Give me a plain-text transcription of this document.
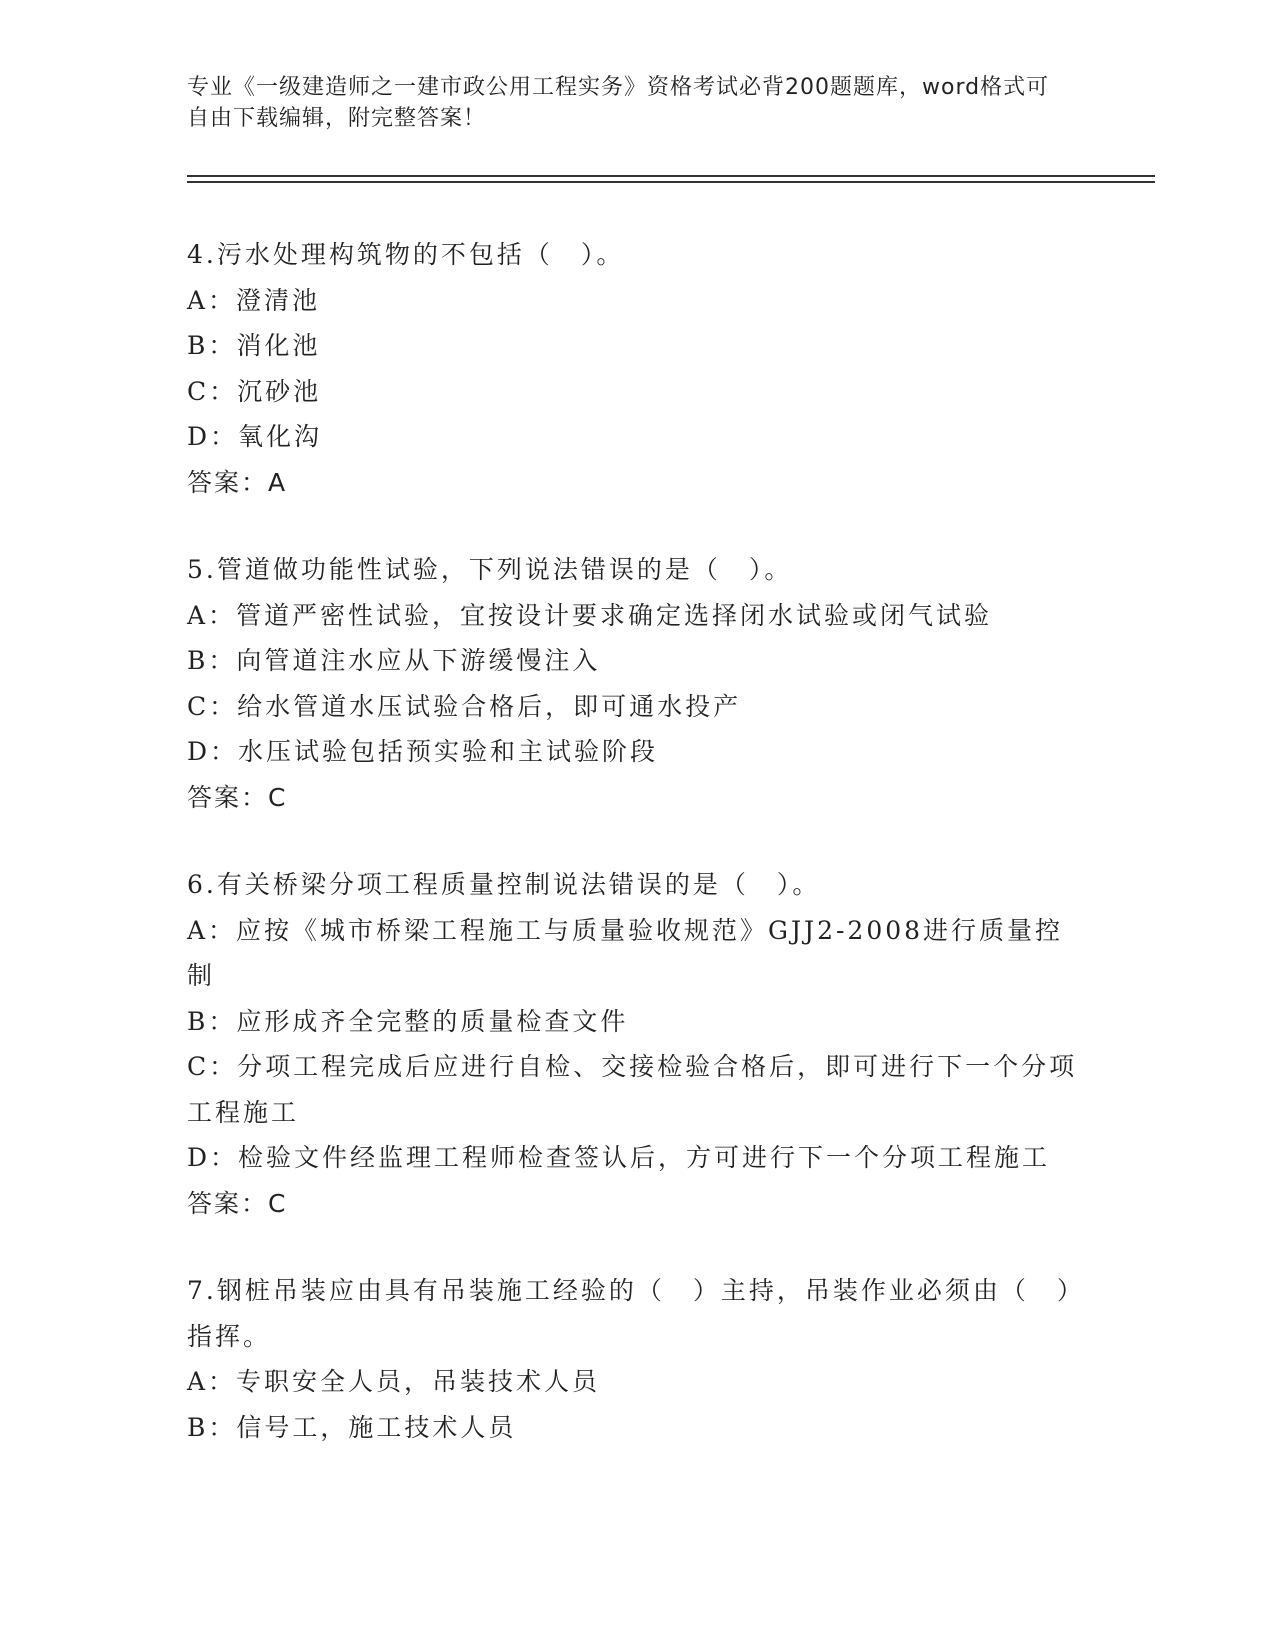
专业《一级建造师之一建市政公用工程实务》资格考试必背200题题库，word格式可自由下载编辑，附完整答案！

4.污水处理构筑物的不包括（　）。

A：澄清池

B：消化池

C：沉砂池

D：氧化沟

答案：A

5.管道做功能性试验，下列说法错误的是（　）。

A：管道严密性试验，宜按设计要求确定选择闭水试验或闭气试验

B：向管道注水应从下游缓慢注入

C：给水管道水压试验合格后，即可通水投产

D：水压试验包括预实验和主试验阶段

答案：C

6.有关桥梁分项工程质量控制说法错误的是（　）。

A：应按《城市桥梁工程施工与质量验收规范》GJJ2-2008进行质量控制

B：应形成齐全完整的质量检查文件

C：分项工程完成后应进行自检、交接检验合格后，即可进行下一个分项工程施工

D：检验文件经监理工程师检查签认后，方可进行下一个分项工程施工

答案：C

7.钢桩吊装应由具有吊装施工经验的（　）主持，吊装作业必须由（　）指挥。

A：专职安全人员，吊装技术人员

B：信号工，施工技术人员
